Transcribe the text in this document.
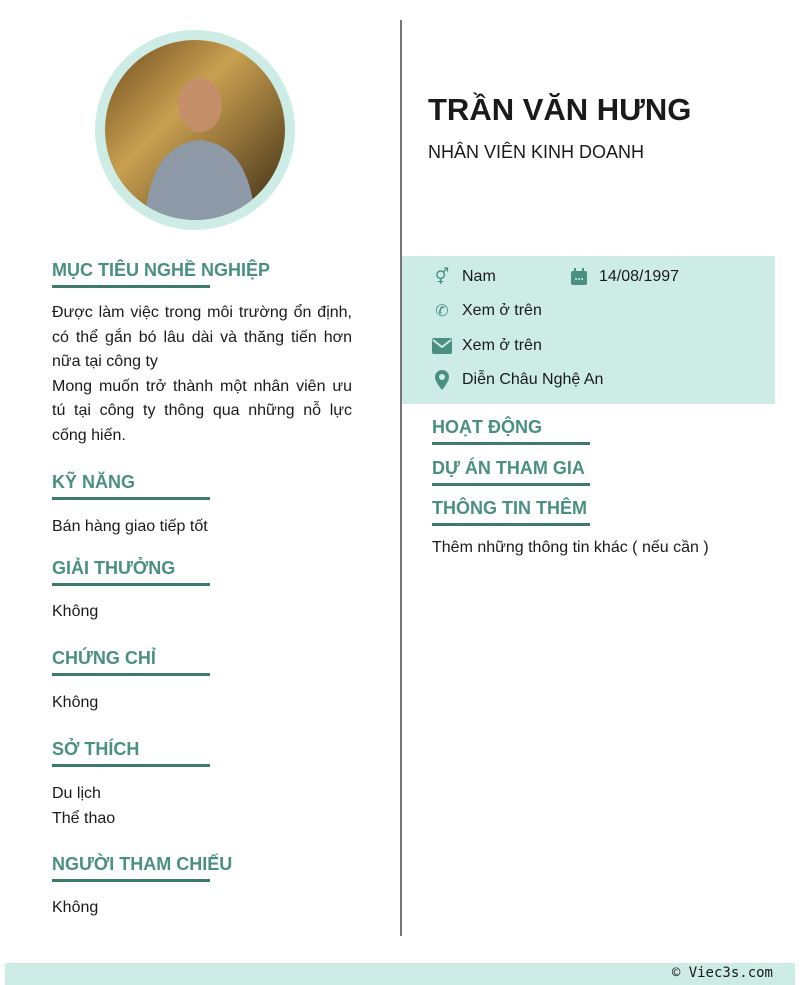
TRẦN VĂN HƯNG
NHÂN VIÊN KINH DOANH
⚥ Nam	14/08/1997
✆ Xem ở trên
Xem ở trên
Diễn Châu Nghệ An
HOẠT ĐỘNG
DỰ ÁN THAM GIA
THÔNG TIN THÊM
Thêm những thông tin khác ( nếu cần )
MỤC TIÊU NGHỀ NGHIỆP
Được làm việc trong môi trường ổn định, có thể gắn bó lâu dài và thăng tiến hơn nữa tại công ty
Mong muốn trở thành một nhân viên ưu tú tại công ty thông qua những nỗ lực cống hiến.
KỸ NĂNG
Bán hàng giao tiếp tốt
GIẢI THƯỞNG
Không
CHỨNG CHỈ
Không
SỞ THÍCH
Du lịch
Thể thao
NGƯỜI THAM CHIẾU
Không
© Viec3s.com
